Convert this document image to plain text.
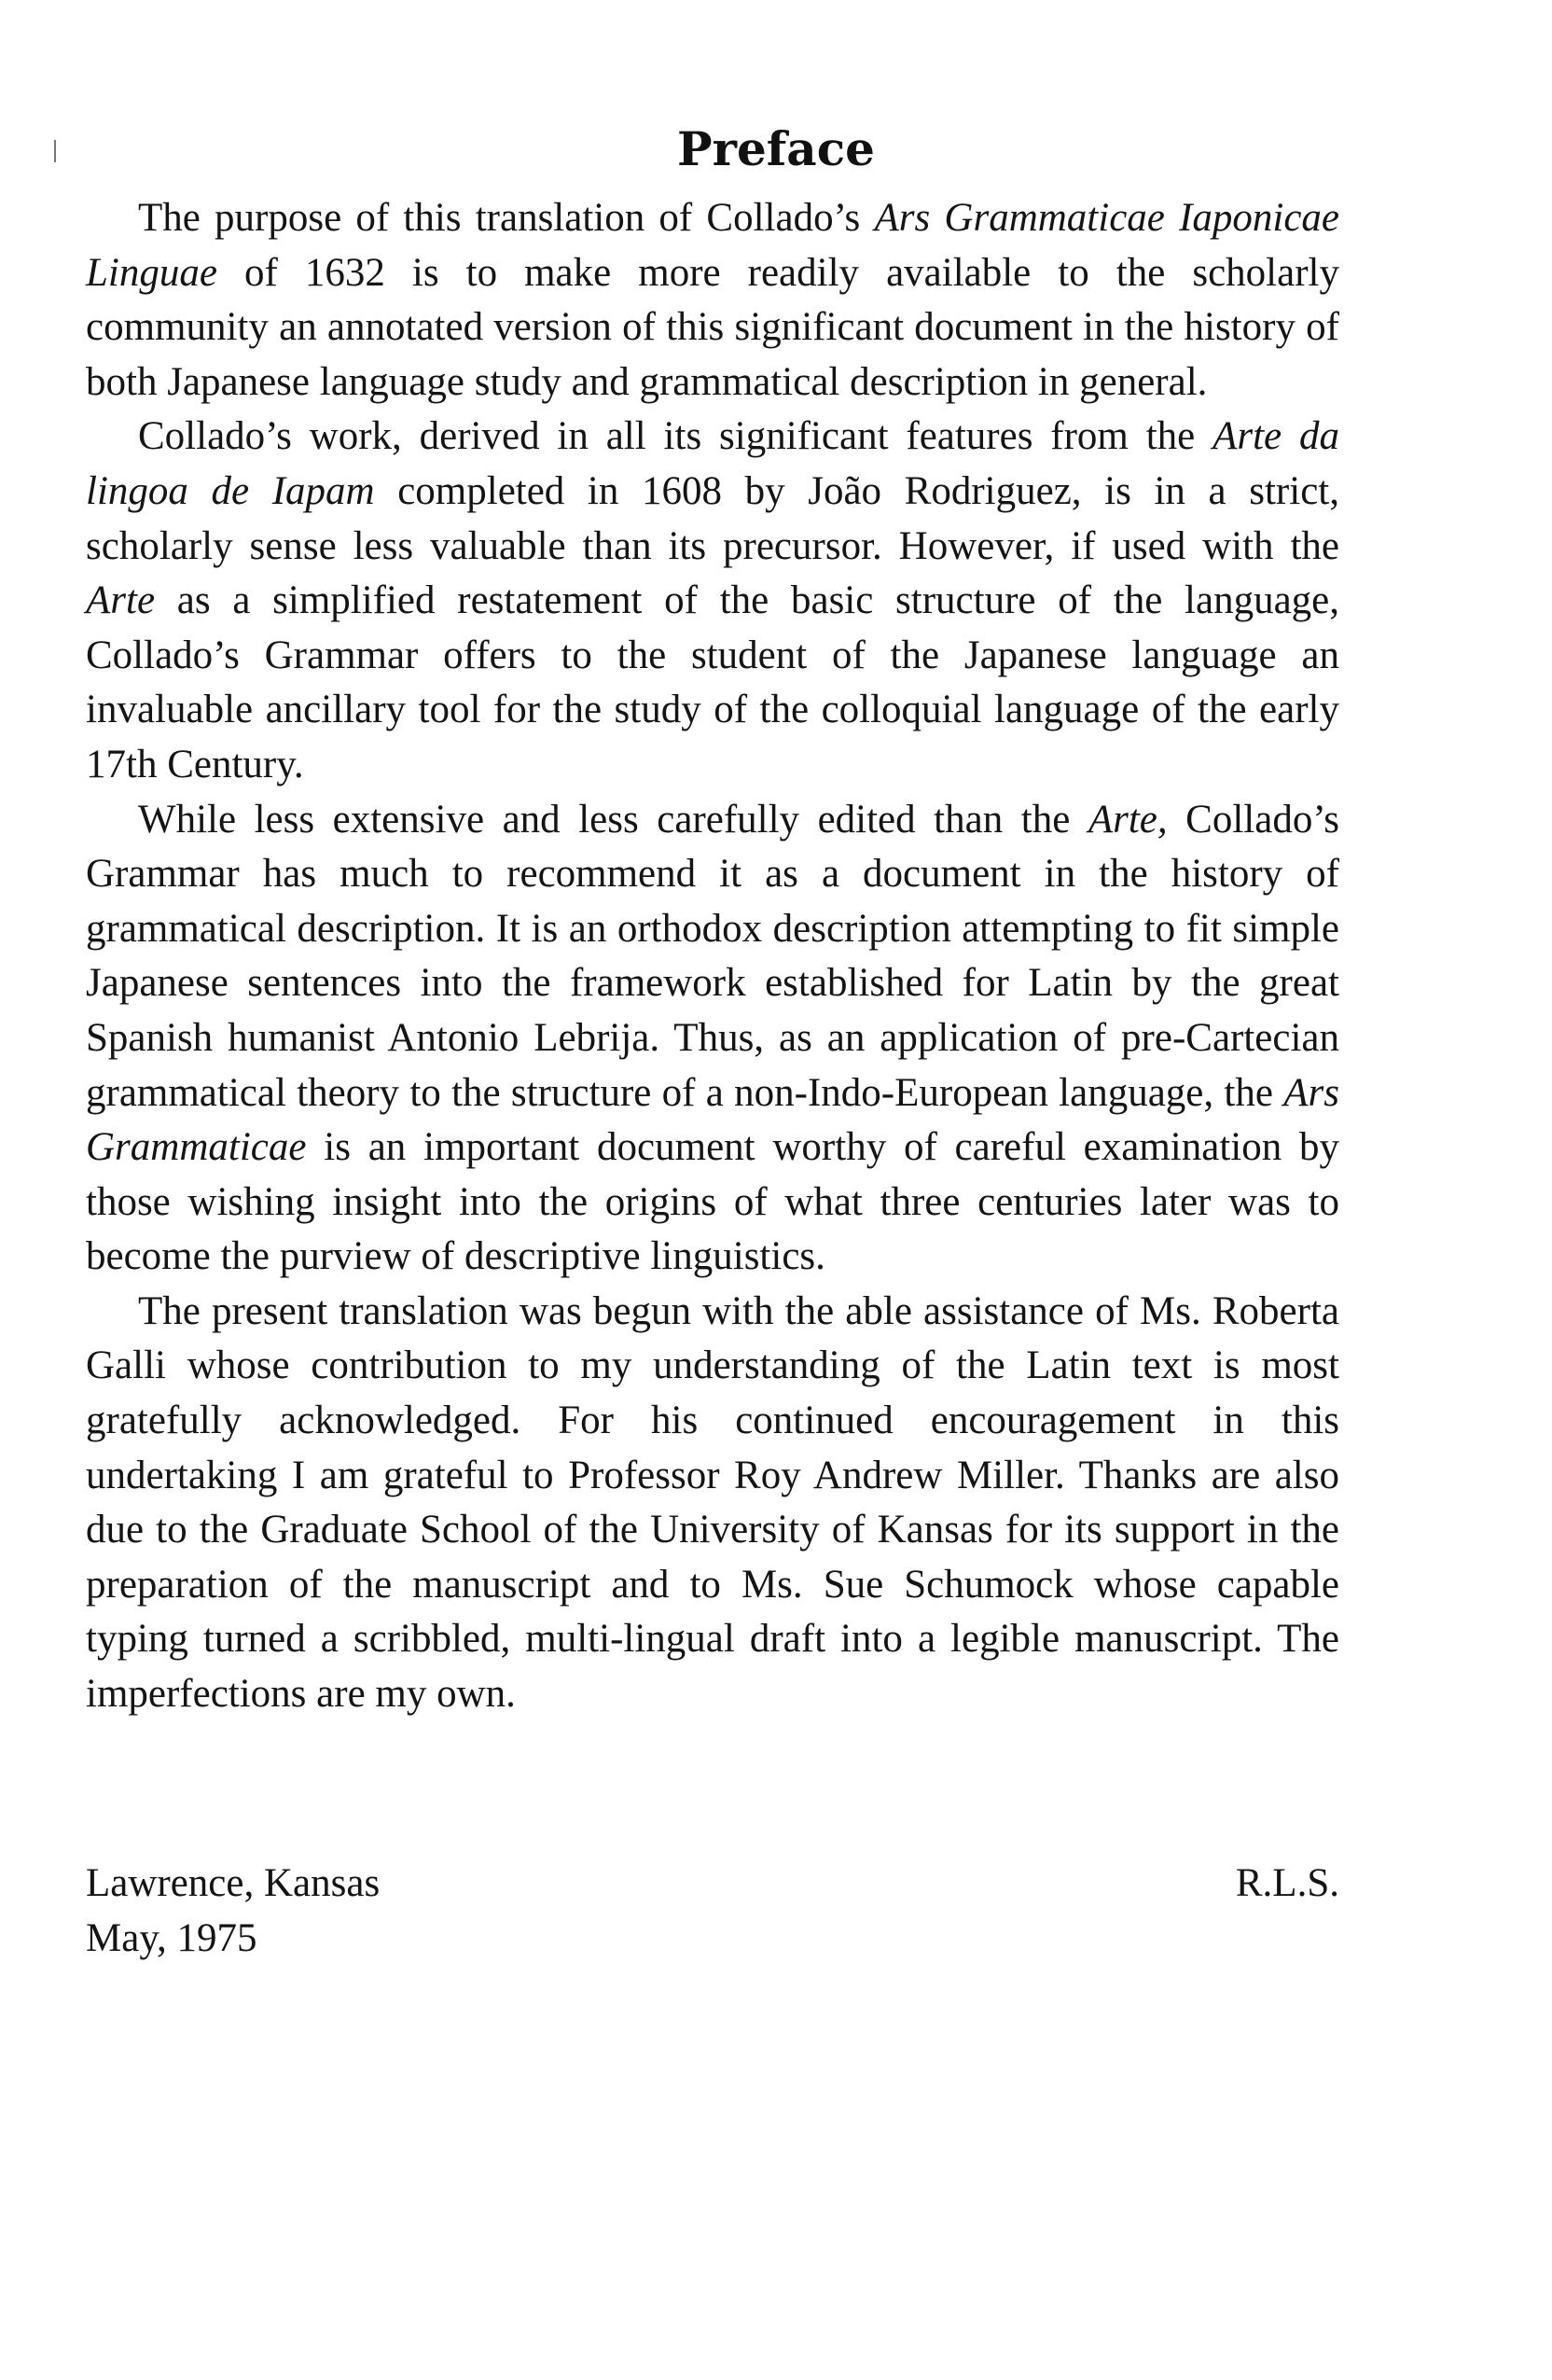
Preface

The purpose of this translation of Collado’s Ars Grammaticae Iaponicae Linguae of 1632 is to make more readily available to the scholarly community an annotated version of this significant document in the history of both Japanese language study and grammatical description in general.

Collado’s work, derived in all its significant features from the Arte da lingoa de Iapam completed in 1608 by João Rodriguez, is in a strict, scholarly sense less valuable than its precursor. However, if used with the Arte as a simplified restatement of the basic structure of the language, Collado’s Grammar offers to the student of the Japanese language an invaluable ancillary tool for the study of the colloquial language of the early 17th Century.

While less extensive and less carefully edited than the Arte, Collado’s Grammar has much to recommend it as a document in the history of grammatical description. It is an orthodox description attempting to fit simple Japanese sentences into the framework established for Latin by the great Spanish humanist Antonio Lebrija. Thus, as an application of pre-Cartecian grammatical theory to the structure of a non-Indo-European language, the Ars Grammaticae is an important document worthy of careful examination by those wishing insight into the origins of what three centuries later was to become the purview of descriptive linguistics.

The present translation was begun with the able assistance of Ms. Roberta Galli whose contribution to my understanding of the Latin text is most gratefully acknowledged. For his continued encouragement in this undertaking I am grateful to Professor Roy Andrew Miller. Thanks are also due to the Graduate School of the University of Kansas for its support in the preparation of the manuscript and to Ms. Sue Schumock whose capable typing turned a scribbled, multi-lingual draft into a legible manuscript. The imperfections are my own.

Lawrence, Kansas	R.L.S.
May, 1975
